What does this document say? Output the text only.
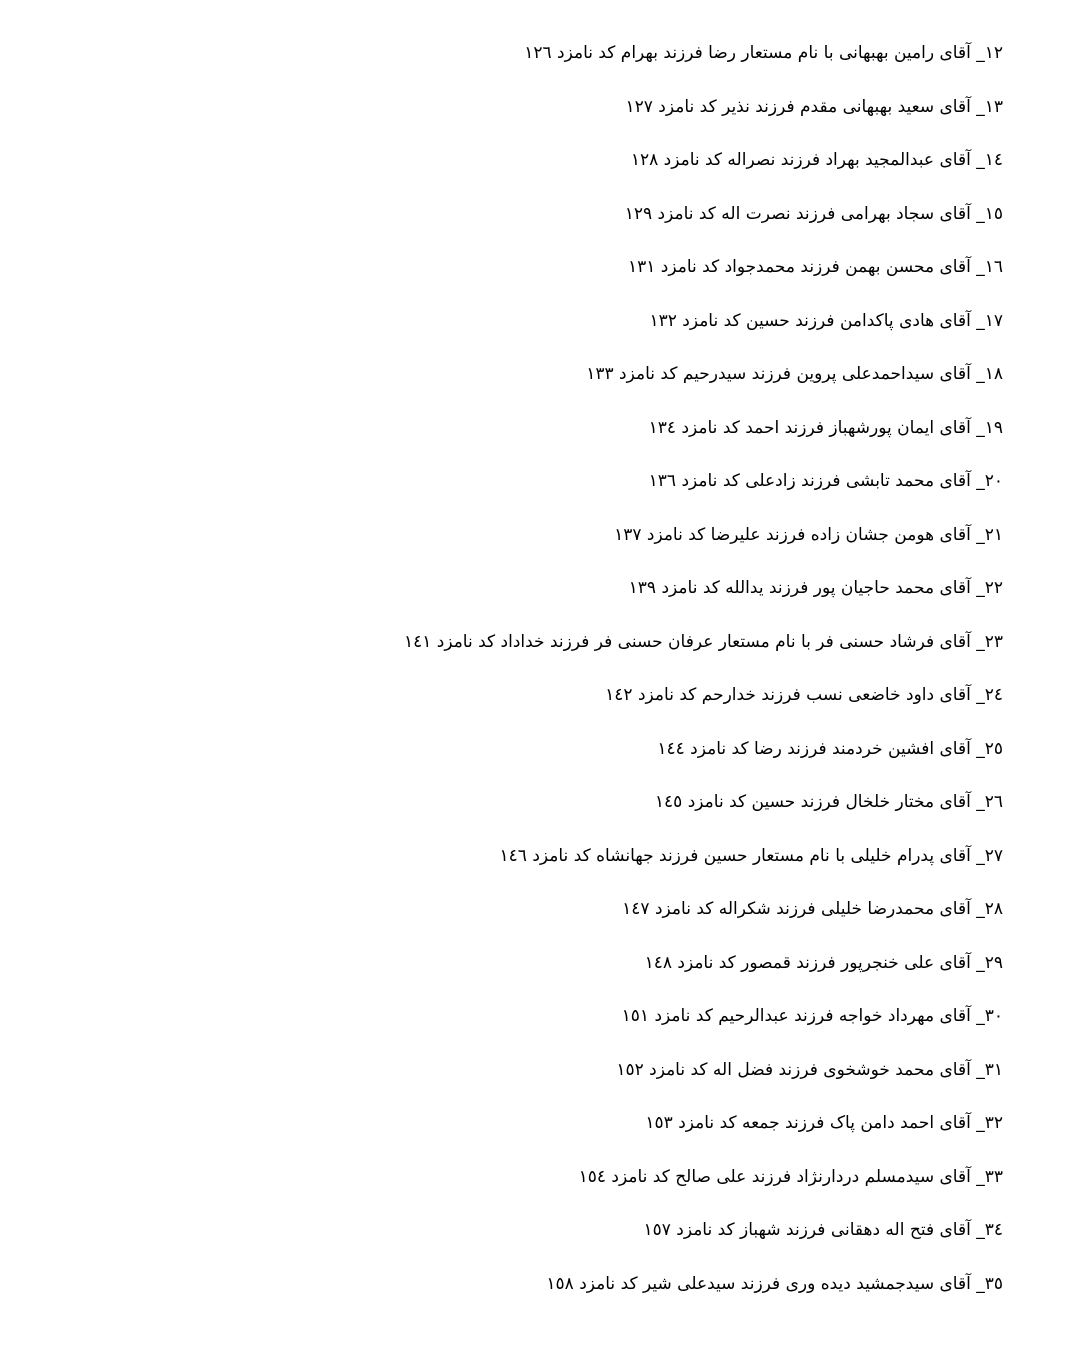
١٢_ آقای رامین بهبهانی با نام مستعار رضا فرزند بهرام کد نامزد ١٢٦
١٣_ آقای سعید بهبهانی مقدم فرزند نذیر کد نامزد ١٢٧
١٤_ آقای عبدالمجید بهراد فرزند نصراله کد نامزد ١٢٨
١٥_ آقای سجاد بهرامی فرزند نصرت اله کد نامزد ١٢٩
١٦_ آقای محسن بهمن فرزند محمدجواد کد نامزد ١٣١
١٧_ آقای هادی پاکدامن فرزند حسین کد نامزد ١٣٢
١٨_ آقای سیداحمدعلی پروین فرزند سیدرحیم کد نامزد ١٣٣
١٩_ آقای ایمان پورشهباز فرزند احمد کد نامزد ١٣٤
٢٠_ آقای محمد تابشی فرزند زادعلی کد نامزد ١٣٦
٢١_ آقای هومن جشان زاده فرزند علیرضا کد نامزد ١٣٧
٢٢_ آقای محمد حاجیان پور فرزند یدالله کد نامزد ١٣٩
٢٣_ آقای فرشاد حسنی فر با نام مستعار عرفان حسنی فر فرزند خداداد کد نامزد ١٤١
٢٤_ آقای داود خاضعی نسب فرزند خدارحم کد نامزد ١٤٢
٢٥_ آقای افشین خردمند فرزند رضا کد نامزد ١٤٤
٢٦_ آقای مختار خلخال فرزند حسین کد نامزد ١٤٥
٢٧_ آقای پدرام خلیلی با نام مستعار حسین فرزند جهانشاه کد نامزد ١٤٦
٢٨_ آقای محمدرضا خلیلی فرزند شکراله کد نامزد ١٤٧
٢٩_ آقای علی خنجرپور فرزند قمصور کد نامزد ١٤٨
٣٠_ آقای مهرداد خواجه فرزند عبدالرحیم کد نامزد ١٥١
٣١_ آقای محمد خوشخوی فرزند فضل اله کد نامزد ١٥٢
٣٢_ آقای احمد دامن پاک فرزند جمعه کد نامزد ١٥٣
٣٣_ آقای سیدمسلم دردارنژاد فرزند علی صالح کد نامزد ١٥٤
٣٤_ آقای فتح اله دهقانی فرزند شهباز کد نامزد ١٥٧
٣٥_ آقای سیدجمشید دیده وری فرزند سیدعلی شیر کد نامزد ١٥٨
